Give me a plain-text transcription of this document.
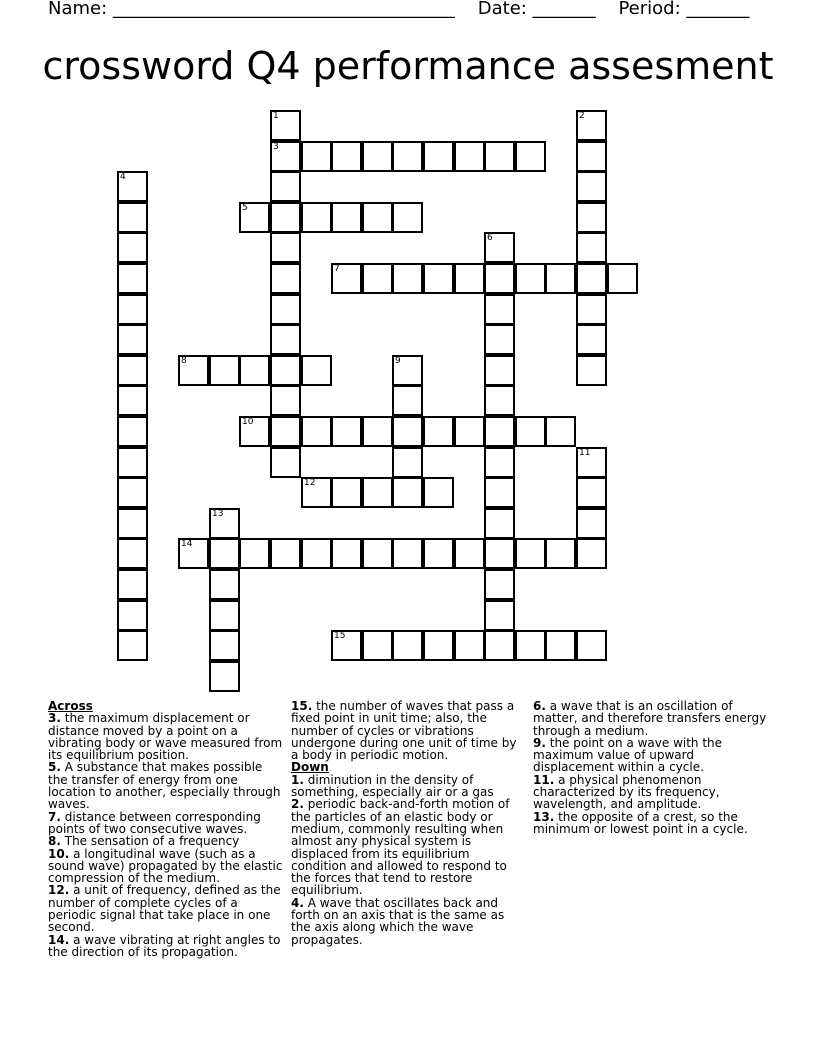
Name: ______________________________________    Date: _______    Period: _______
crossword Q4 performance assesment
3
5
7
8
10
12
14
15
1	2
4
6
9
11
13

Across

3. the maximum displacement or distance moved by a point on a vibrating body or wave measured from its equilibrium position.

5. A substance that makes possible the transfer of energy from one location to another, especially through waves.

7. distance between corresponding points of two consecutive waves.

8. The sensation of a frequency

10. a longitudinal wave (such as a sound wave) propagated by the elastic compression of the medium.

12. a unit of frequency, defined as the number of complete cycles of a periodic signal that take place in one second.

14. a wave vibrating at right angles to the direction of its propagation.

15. the number of waves that pass a fixed point in unit time; also, the number of cycles or vibrations undergone during one unit of time by a body in periodic motion.

Down

1. diminution in the density of something, especially air or a gas

2. periodic back-and-forth motion of the particles of an elastic body or medium, commonly resulting when almost any physical system is displaced from its equilibrium condition and allowed to respond to the forces that tend to restore equilibrium.

4. A wave that oscillates back and forth on an axis that is the same as the axis along which the wave propagates.

6. a wave that is an oscillation of matter, and therefore transfers energy through a medium.

9. the point on a wave with the maximum value of upward displacement within a cycle.

11. a physical phenomenon characterized by its frequency, wavelength, and amplitude.

13. the opposite of a crest, so the minimum or lowest point in a cycle.
